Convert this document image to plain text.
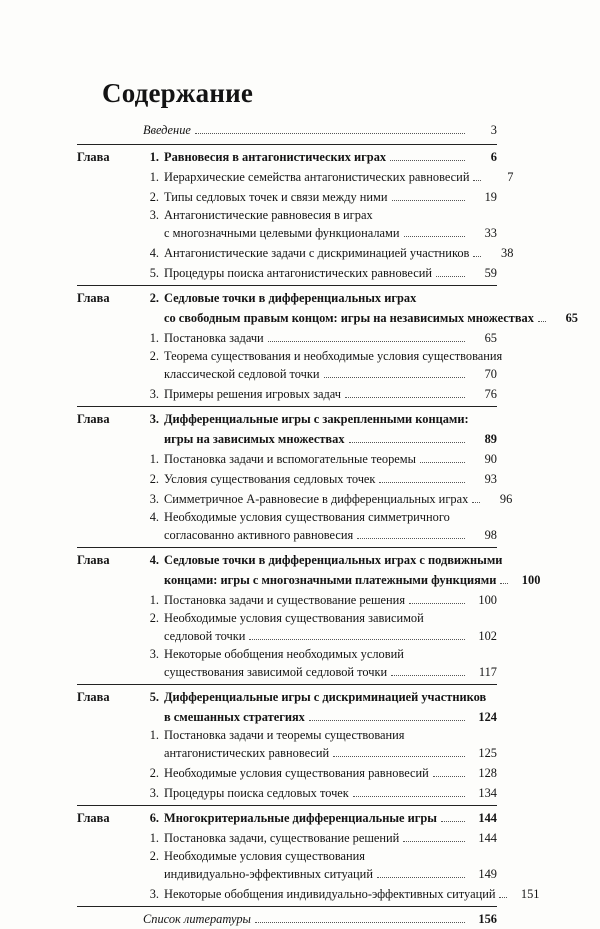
Содержание
Введение	3
Глава	1. Равновесия в антагонистических играх	6
1. Иерархические семейства антагонистических равновесий	7
2. Типы седловых точек и связи между ними	19
3. Антагонистические равновесия в играх
с многозначными целевыми функционалами	33
4. Антагонистические задачи с дискриминацией участников	38
5. Процедуры поиска антагонистических равновесий	59
Глава	2. Седловые точки в дифференциальных играх
со свободным правым концом: игры на независимых множествах	65
1. Постановка задачи	65
2. Теорема существования и необходимые условия существования
классической седловой точки	70
3. Примеры решения игровых задач	76
Глава	3. Дифференциальные игры с закрепленными концами:
игры на зависимых множествах	89
1. Постановка задачи и вспомогательные теоремы	90
2. Условия существования седловых точек	93
3. Симметричное A-равновесие в дифференциальных играх	96
4. Необходимые условия существования симметричного
согласованно активного равновесия	98
Глава	4. Седловые точки в дифференциальных играх с подвижными
концами: игры с многозначными платежными функциями	100
1. Постановка задачи и существование решения	100
2. Необходимые условия существования зависимой
седловой точки	102
3. Некоторые обобщения необходимых условий
существования зависимой седловой точки	117
Глава	5. Дифференциальные игры с дискриминацией участников
в смешанных стратегиях	124
1. Постановка задачи и теоремы существования
антагонистических равновесий	125
2. Необходимые условия существования равновесий	128
3. Процедуры поиска седловых точек	134
Глава	6. Многокритериальные дифференциальные игры	144
1. Постановка задачи, существование решений	144
2. Необходимые условия существования
индивидуально-эффективных ситуаций	149
3. Некоторые обобщения индивидуально-эффективных ситуаций	151
Список литературы	156
